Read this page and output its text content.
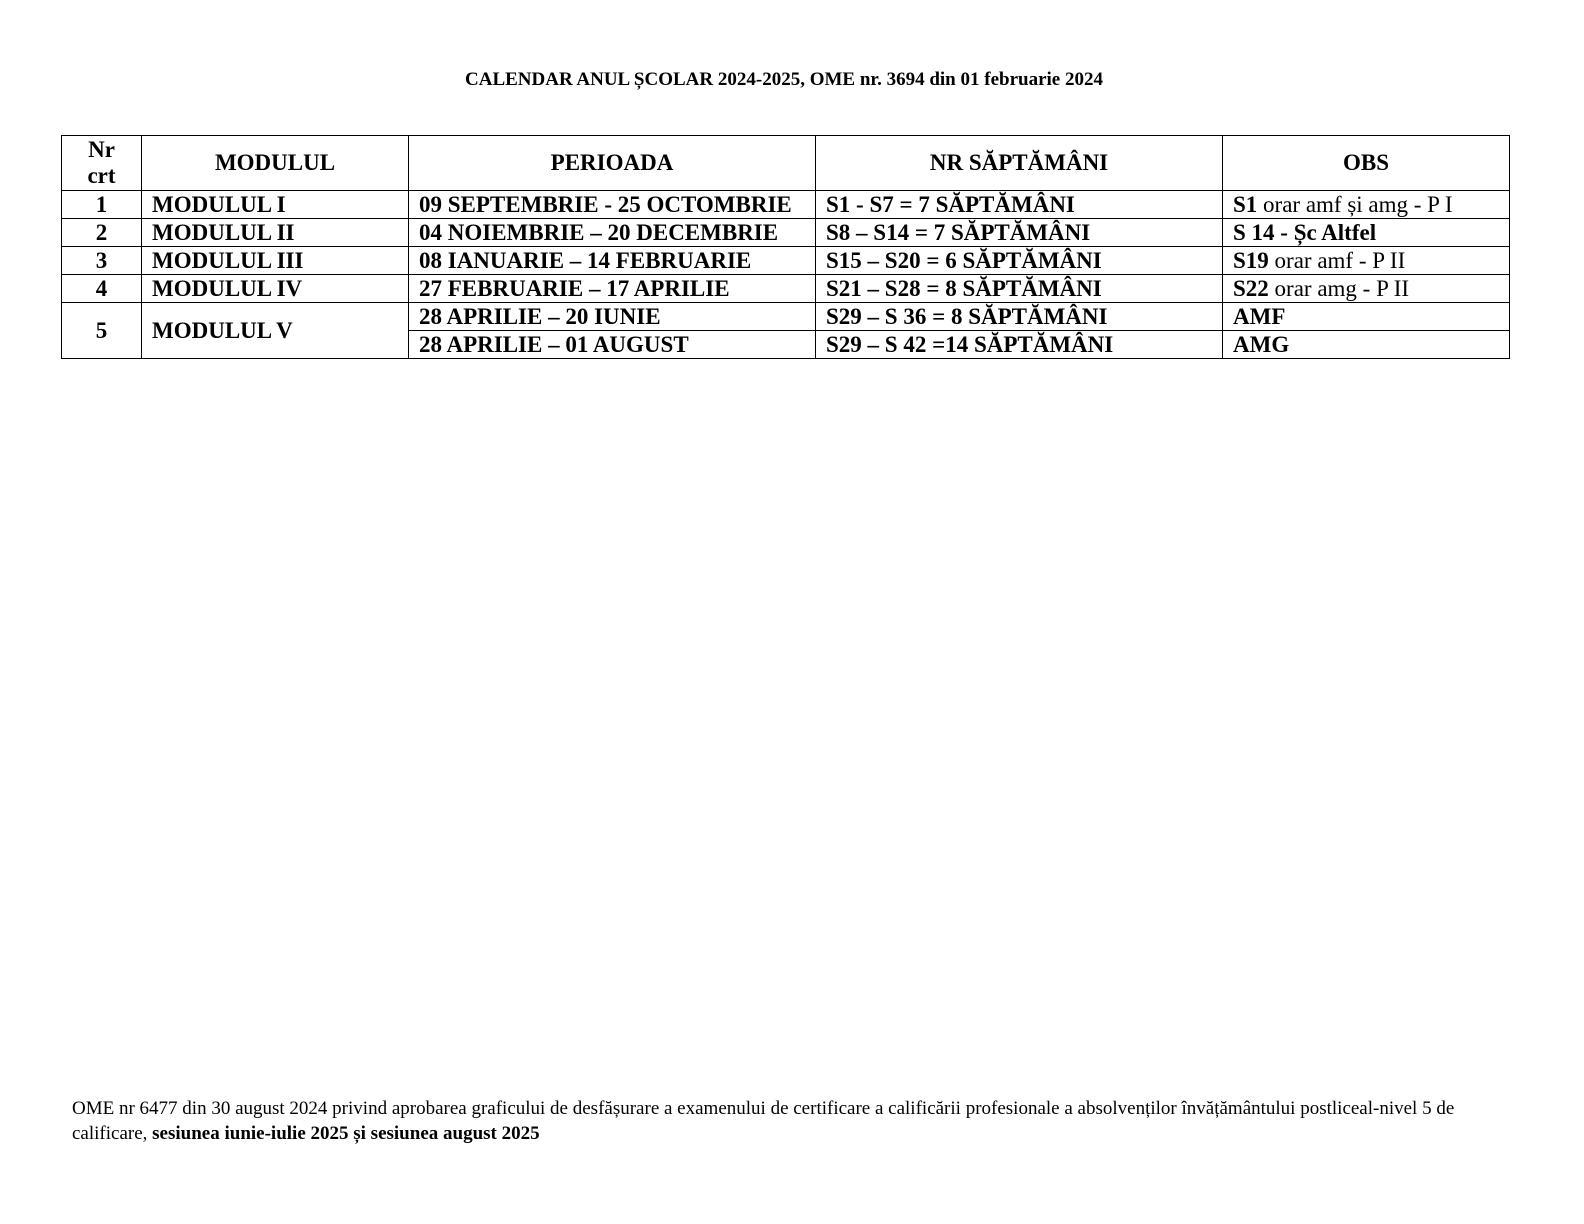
CALENDAR ANUL ȘCOLAR 2024-2025, OME nr. 3694 din 01 februarie 2024
Nr
crt	MODULUL	PERIOADA	NR SĂPTĂMÂNI	OBS
1	MODULUL I	09 SEPTEMBRIE - 25 OCTOMBRIE	S1 - S7 = 7 SĂPTĂMÂNI	S1 orar amf și amg - P I
2	MODULUL II	04 NOIEMBRIE – 20 DECEMBRIE	S8 – S14 = 7 SĂPTĂMÂNI	S 14 - Șc Altfel
3	MODULUL III	08 IANUARIE – 14 FEBRUARIE	S15 – S20 = 6 SĂPTĂMÂNI	S19 orar amf - P II
4	MODULUL IV	27 FEBRUARIE – 17 APRILIE	S21 – S28 = 8 SĂPTĂMÂNI	S22 orar amg - P II
5	MODULUL V	28 APRILIE – 20 IUNIE	S29 – S 36 = 8 SĂPTĂMÂNI	AMF
		28 APRILIE – 01 AUGUST	S29 – S 42 =14 SĂPTĂMÂNI	AMG
OME nr 6477 din 30 august 2024 privind aprobarea graficului de desfășurare a examenului de certificare a calificării profesionale a absolvenților învățământului postliceal-nivel 5 de calificare, sesiunea iunie-iulie 2025 și sesiunea august 2025
